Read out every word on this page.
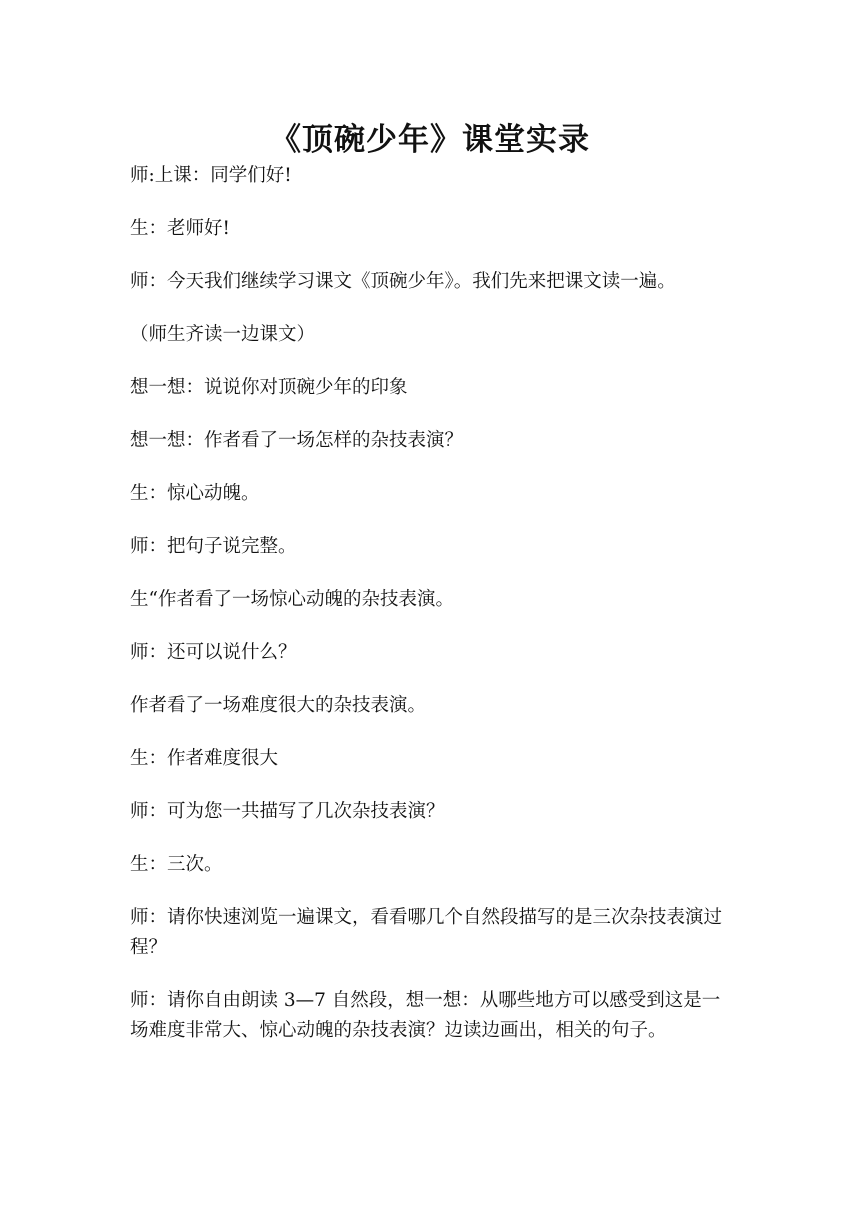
《顶碗少年》课堂实录

师:上课：同学们好!

生：老师好!

师：今天我们继续学习课文《顶碗少年》。我们先来把课文读一遍。

（师生齐读一边课文）

想一想：说说你对顶碗少年的印象

想一想：作者看了一场怎样的杂技表演？

生：惊心动魄。

师：把句子说完整。

生“作者看了一场惊心动魄的杂技表演。

师：还可以说什么？

作者看了一场难度很大的杂技表演。

生：作者难度很大

师：可为您一共描写了几次杂技表演？

生：三次。

师：请你快速浏览一遍课文，看看哪几个自然段描写的是三次杂技表演过程？

师：请你自由朗读 3—7 自然段，想一想：从哪些地方可以感受到这是一场难度非常大、惊心动魄的杂技表演？边读边画出，相关的句子。
